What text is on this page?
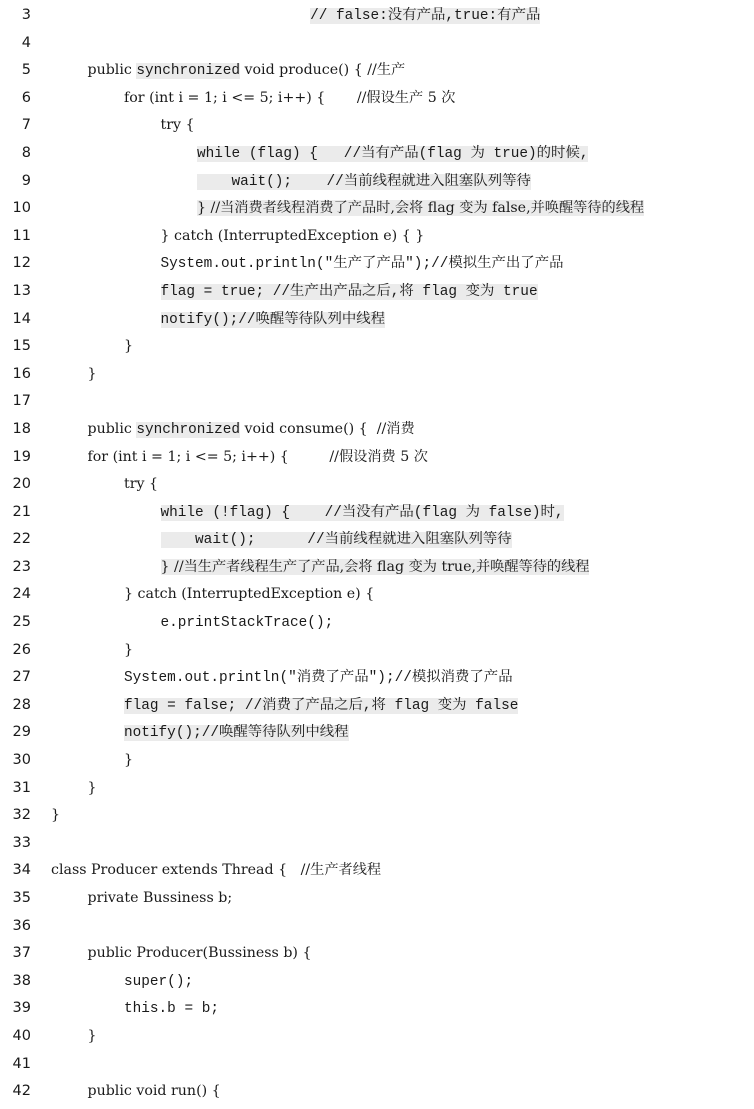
3	// false:没有产品,true:有产品
4
5	public synchronized void produce() { //生产
6	for (int i = 1; i <= 5; i++) {       //假设生产 5 次
7	try {
8	while (flag) {   //当有产品(flag 为 true)的时候,
9	wait();    //当前线程就进入阻塞队列等待
10	} //当消费者线程消费了产品时,会将 flag 变为 false,并唤醒等待的线程
11	} catch (InterruptedException e) { }
12	System.out.println("生产了产品");//模拟生产出了产品
13	flag = true; //生产出产品之后,将 flag 变为 true
14	notify();//唤醒等待队列中线程
15	}
16	}
17
18	public synchronized void consume() {  //消费
19	for (int i = 1; i <= 5; i++) {         //假设消费 5 次
20	try {
21	while (!flag) {    //当没有产品(flag 为 false)时,
22	wait();      //当前线程就进入阻塞队列等待
23	} //当生产者线程生产了产品,会将 flag 变为 true,并唤醒等待的线程
24	} catch (InterruptedException e) {
25	e.printStackTrace();
26	}
27	System.out.println("消费了产品");//模拟消费了产品
28	flag = false; //消费了产品之后,将 flag 变为 false
29	notify();//唤醒等待队列中线程
30	}
31	}
32 }
33
34 class Producer extends Thread {   //生产者线程
35	private Bussiness b;
36
37	public Producer(Bussiness b) {
38	super();
39	this.b = b;
40	}
41
42	public void run() {
